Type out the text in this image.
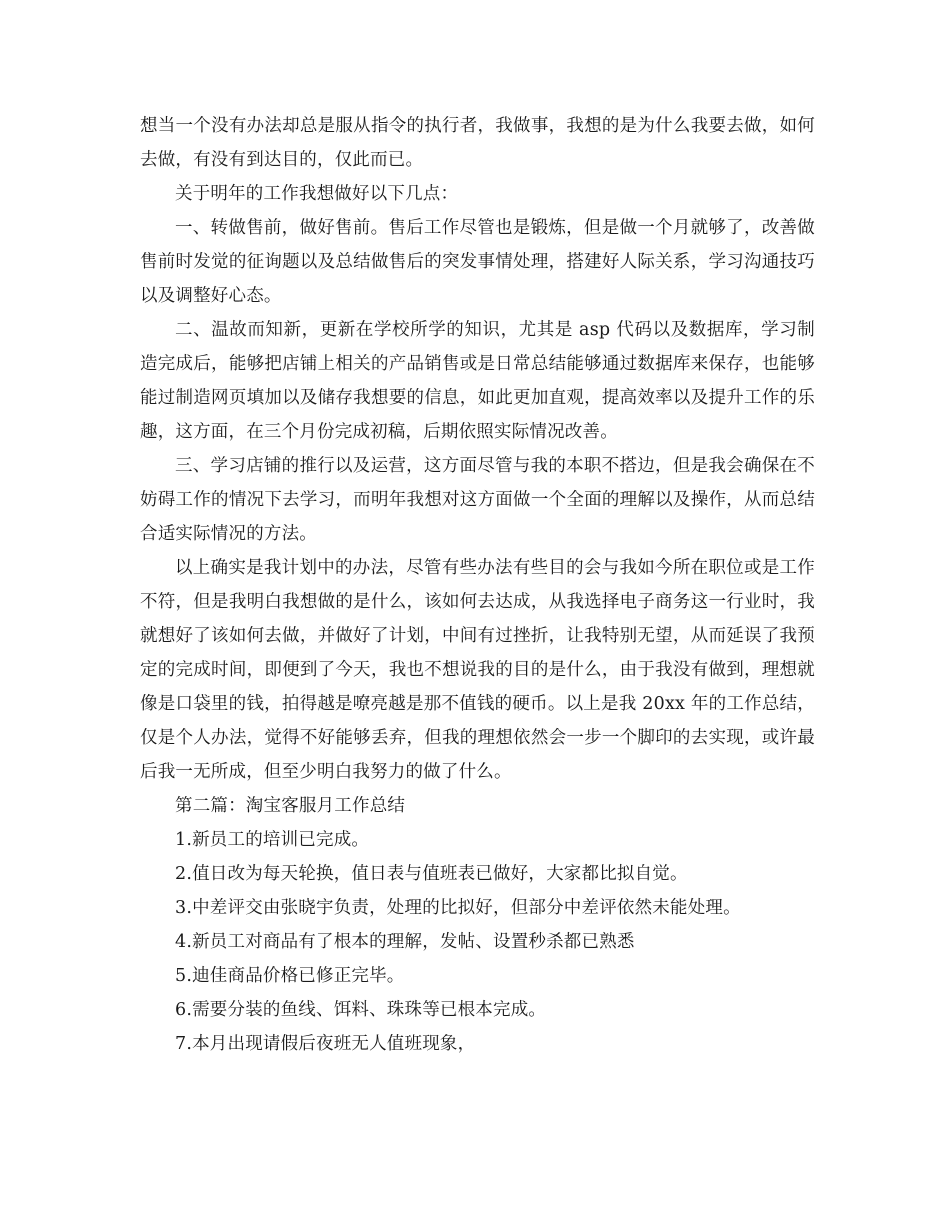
想当一个没有办法却总是服从指令的执行者，我做事，我想的是为什么我要去做，如何去做，有没有到达目的，仅此而已。

关于明年的工作我想做好以下几点：

一、转做售前，做好售前。售后工作尽管也是锻炼，但是做一个月就够了，改善做售前时发觉的征询题以及总结做售后的突发事情处理，搭建好人际关系，学习沟通技巧以及调整好心态。

二、温故而知新，更新在学校所学的知识，尤其是 asp 代码以及数据库，学习制造完成后，能够把店铺上相关的产品销售或是日常总结能够通过数据库来保存，也能够能过制造网页填加以及储存我想要的信息，如此更加直观，提高效率以及提升工作的乐趣，这方面，在三个月份完成初稿，后期依照实际情况改善。

三、学习店铺的推行以及运营，这方面尽管与我的本职不搭边，但是我会确保在不妨碍工作的情况下去学习，而明年我想对这方面做一个全面的理解以及操作，从而总结合适实际情况的方法。

以上确实是我计划中的办法，尽管有些办法有些目的会与我如今所在职位或是工作不符，但是我明白我想做的是什么，该如何去达成，从我选择电子商务这一行业时，我就想好了该如何去做，并做好了计划，中间有过挫折，让我特别无望，从而延误了我预定的完成时间，即便到了今天，我也不想说我的目的是什么，由于我没有做到，理想就像是口袋里的钱，拍得越是嘹亮越是那不值钱的硬币。以上是我 20xx 年的工作总结，仅是个人办法，觉得不好能够丢弃，但我的理想依然会一步一个脚印的去实现，或许最后我一无所成，但至少明白我努力的做了什么。

第二篇：淘宝客服月工作总结

1.新员工的培训已完成。

2.值日改为每天轮换，值日表与值班表已做好，大家都比拟自觉。

3.中差评交由张晓宇负责，处理的比拟好，但部分中差评依然未能处理。

4.新员工对商品有了根本的理解，发帖、设置秒杀都已熟悉

5.迪佳商品价格已修正完毕。

6.需要分装的鱼线、饵料、珠珠等已根本完成。

7.本月出现请假后夜班无人值班现象，
